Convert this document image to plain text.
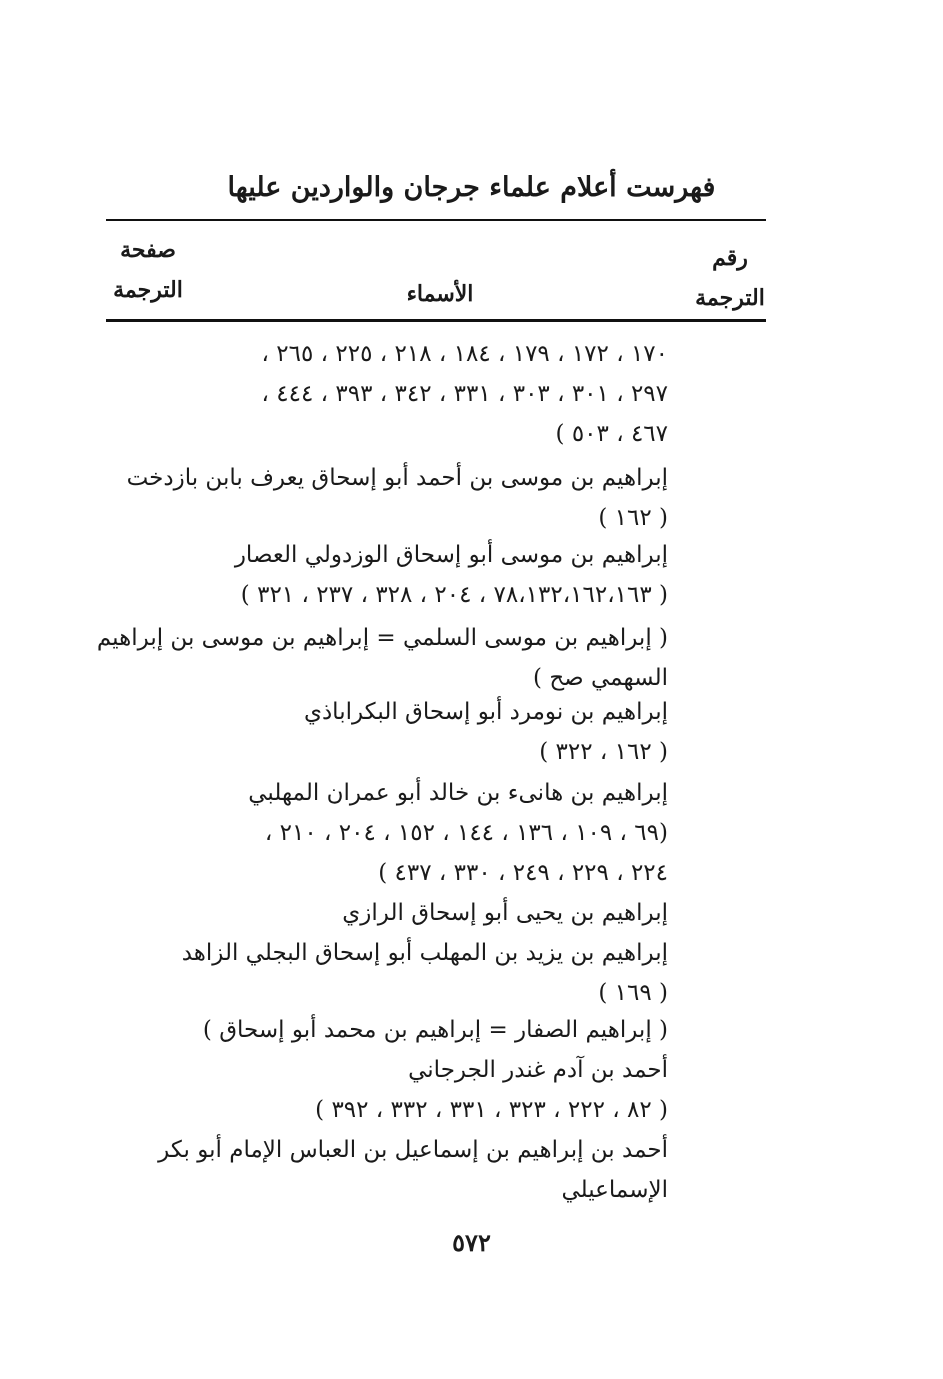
فهرست أعلام علماء جرجان والواردين عليها
رقم
الترجمة
الأسماء
صفحة
الترجمة
١٧٠ ، ١٧٢ ، ١٧٩ ، ١٨٤ ، ٢١٨ ، ٢٢٥ ، ٢٦٥ ،
٢٩٧ ، ٣٠١ ، ٣٠٣ ، ٣٣١ ، ٣٤٢ ، ٣٩٣ ، ٤٤٤ ،
٤٦٧ ، ٥٠٣ )
إبراهيم بن موسى بن أحمد أبو إسحاق يعرف بابن بازدخت
( ١٦٢ )
إبراهيم بن موسى أبو إسحاق الوزدولي العصار
( ٧٨،١٣٢،١٦٢،١٦٣ ، ٢٠٤ ، ٣٢٨ ، ٢٣٧ ، ٣٢١ )
( إبراهيم بن موسى السلمي = إبراهيم بن موسى بن إبراهيم
السهمي صح )
إبراهيم بن نومرد أبو إسحاق البكراباذي
( ١٦٢ ، ٣٢٢ )
إبراهيم بن هانىء بن خالد أبو عمران المهلبي
(٦٩ ، ١٠٩ ، ١٣٦ ، ١٤٤ ، ١٥٢ ، ٢٠٤ ، ٢١٠ ،
٢٢٤ ، ٢٢٩ ، ٢٤٩ ، ٣٣٠ ، ٤٣٧ )
إبراهيم بن يحيى أبو إسحاق الرازي
إبراهيم بن يزيد بن المهلب أبو إسحاق البجلي الزاهد
( ١٦٩ )
( إبراهيم الصفار = إبراهيم بن محمد أبو إسحاق )
أحمد بن آدم غندر الجرجاني
( ٨٢ ، ٢٢٢ ، ٣٢٣ ، ٣٣١ ، ٣٣٢ ، ٣٩٢ )
أحمد بن إبراهيم بن إسماعيل بن العباس الإمام أبو بكر
الإسماعيلي
٥٧٢
